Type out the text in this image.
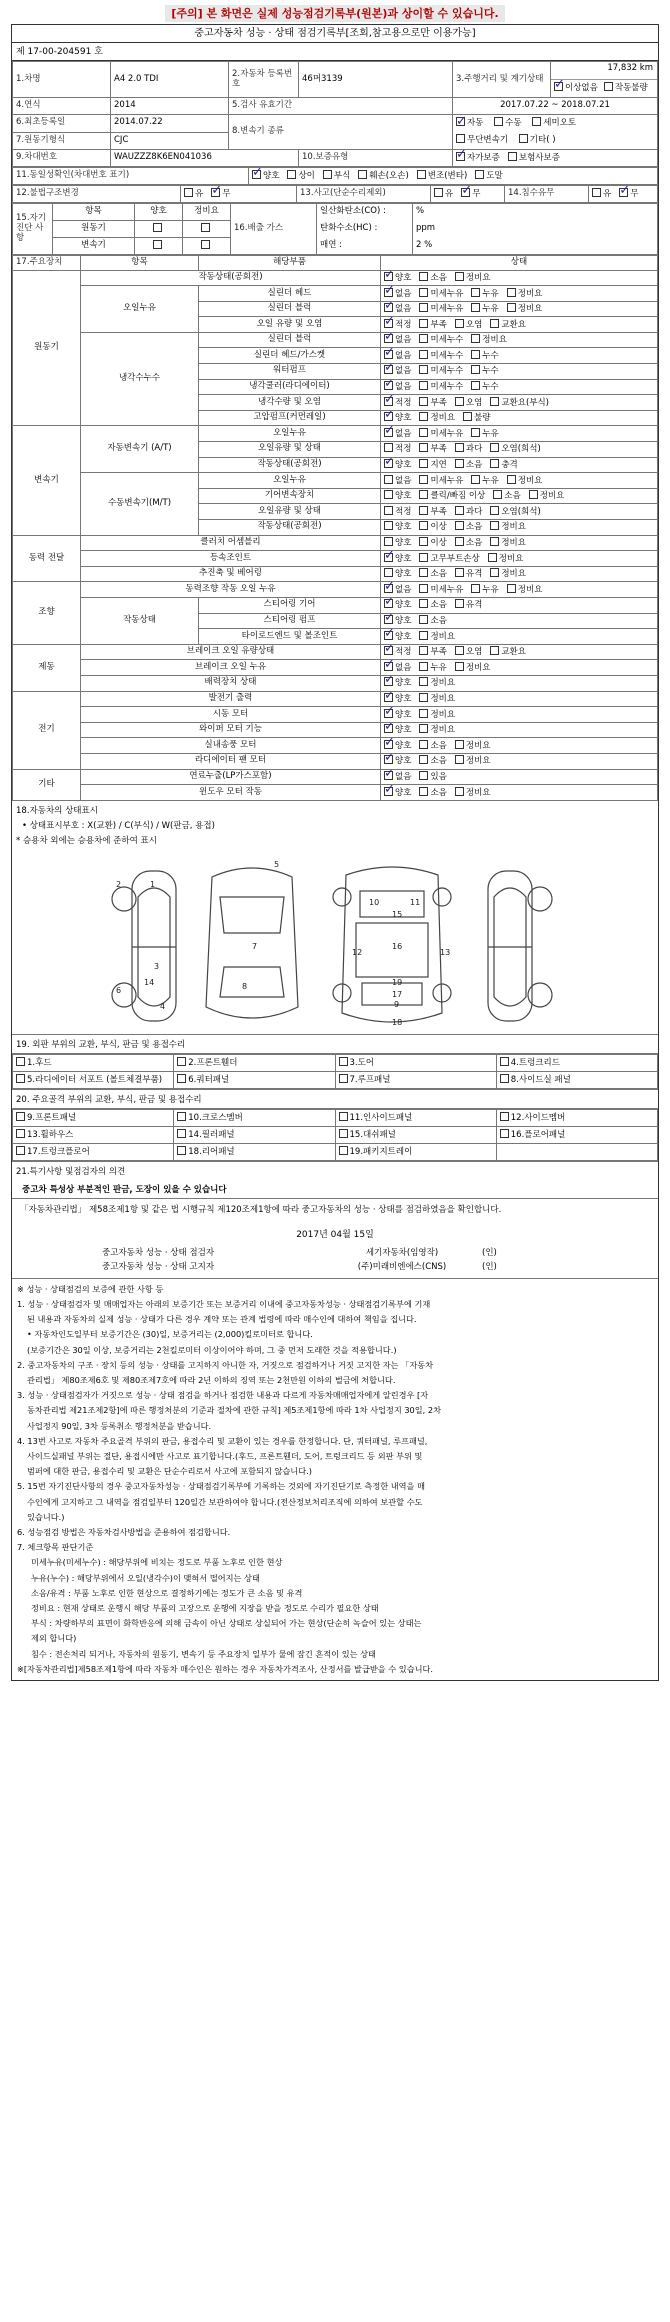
[주의] 본 화면은 실제 성능점검기록부(원본)과 상이할 수 있습니다.
중고자동차 성능 · 상태 점검기록부[조회,참고용으로만 이용가능]
제 17-00-204591 호
1.차명	A4 2.0 TDI	2.자동차 등록번호	46머3139	3.주행거리 및 계기상태	17,832 km
✓이상없음 작동불량

4.연식	2014	5.검사 유효기간		2017.07.22 ~ 2018.07.21	
6.최초등록일	2014.07.22	8.변속기 종류	✓자동 수동 세미오토
무단변속기 기타( )
7.원동기형식	CJC				
9.차대번호	WAUZZZ8K6EN041036		10.보증유형	✓자가보증 보험사보증
11.동일성확인(차대번호 표기)	✓양호 상이 부식 훼손(오손) 변조(변타) 도말
12.불법구조변경	유 ✓ 무	13.사고(단순수리제외)	유 ✓ 무	14.침수유무	유 ✓ 무
15.자기 진단 사항	항목	양호	정비요	16.배출 가스	일산화탄소(CO) :	%
	원동기				탄화수소(HC) :	ppm
	변속기				매연 :	2 %
17.주요장치	항목	해당부품	상태
원동기	작동상태(공회전)	✓양호 소음 정비요
	오일누유	실린더 헤드	✓없음 미세누유 누유 정비요
		실린더 블럭	✓없음 미세누유 누유 정비요
		오일 유량 및 오염	✓적정 부족 오염 교환요
	냉각수누수	실린더 블럭	✓없음 미세누수 정비요
		실린더 헤드/가스켓	✓없음 미세누수 누수
		워터펌프	✓없음 미세누수 누수
		냉각쿨러(라디에이터)	✓없음 미세누수 누수
		냉각수량 및 오염	✓적정 부족 오염 교환요(부식)
		고압펌프(커먼레일)	✓양호 정비요 불량
변속기	자동변속기 (A/T)	오일누유	✓없음 미세누유 누유
		오일유량 및 상태	적정 부족 과다 오염(희석)
		작동상태(공회전)	✓양호 지연 소음 충격
	수동변속기(M/T)	오일누유	없음 미세누유 누유 정비요
		기어변속장치	양호 클릭/빠짐 이상 소음 정비요
		오일유량 및 상태	적정 부족 과다 오염(희석)
		작동상태(공회전)	양호 이상 소음 정비요
동력 전달	클러치 어셈블리		양호 이상 소음 정비요
	등속조인트	✓양호 고무부트손상 정비요
	추진축 및 베어링		양호 소음 유격 정비요
조향	동력조향 작동 오일 누유	✓없음 미세누유 누유 정비요
	작동상태	스티어링 기어	✓양호 소음 유격
		스티어링 펌프	✓양호 소음
		타이로드엔드 및 볼조인트	✓양호 정비요
제동	브레이크 오일 유량상태	✓적정 부족 오염 교환요
	브레이크 오일 누유	✓없음 누유 정비요
	배력장치 상태	✓양호 정비요
전기	발전기 출력	✓양호 정비요
	시동 모터	✓양호 정비요
	와이퍼 모터 기능	✓양호 정비요
	실내송풍 모터	✓양호 소음 정비요
	라디에이터 팬 모터	✓양호 소음 정비요
기타	연료누출(LP가스포함)	✓없음 있음
	윈도우 모터 작동	✓양호 소음 정비요
18.자동차의 상태표시
• 상태표시부호 : X(교환) / C(부식) / W(판금, 용접)
* 승용차 외에는 승용차에 준하여 표시
1
2
3
4
5
6
7
8
9
10	11
12	13
14
15
16
17
18
19
19. 외판 부위의 교환, 부식, 판금 및 용접수리
1.후드	2.프론트휀더	3.도어	4.트렁크리드
5.라디에이터 서포트 (볼트체결부품)	6.쿼터패널	7.루프패널	8.사이드실 패널
20. 주요골격 부위의 교환, 부식, 판금 및 용접수리
9.프론트패널	10.크로스멤버	11.인사이드패널	12.사이드멤버
13.휠하우스	14.필러패널	15.대쉬패널	16.플로어패널
17.트렁크플로어	18.리어패널	19.패키지트레이	
21.특기사항 및점검자의 의견
중고차 특성상 부분적인 판금, 도장이 있을 수 있습니다
「자동차관리법」 제58조제1항 및 같은 법 시행규칙 제120조제1항에 따라 중고자동차의 성능 · 상태를 점검하였음을 확인합니다.
2017년 04월 15일
중고자동차 성능 · 상태 점검자	세기자동차(임영작)	(인)
중고자동차 성능 · 상태 고지자	(주)미래비엔에스(CNS)	(인)

※ 성능 · 상태점검의 보증에 관한 사항 등

1. 성능 · 상태점검자 및 매매업자는 아래의 보증기간 또는 보증거리 이내에 중고자동차성능 · 상태점검기록부에 기재

된 내용과 자동차의 실제 성능 · 상태가 다른 경우 계약 또는 관계 법령에 따라 매수인에 대하여 책임을 집니다.

• 자동차인도일부터 보증기간은 (30)일, 보증거리는 (2,000)킬로미터로 합니다.

(보증기간은 30일 이상, 보증거리는 2천킬로미터 이상이어야 하며, 그 중 먼저 도래한 것을 적용합니다.)

2. 중고자동차의 구조 · 장치 등의 성능 · 상태를 고지하지 아니한 자, 거짓으로 점검하거나 거짓 고지한 자는 「자동차

관리법」 제80조제6호 및 제80조제7호에 따라 2년 이하의 징역 또는 2천만원 이하의 벌금에 처합니다.

3. 성능 · 상태점검자가 거짓으로 성능 · 상태 점검을 하거나 점검한 내용과 다르게 자동차매매업자에게 알린경우 [자

동차관리법 제21조제2항]에 따른 행정처분의 기준과 절차에 관한 규칙] 제5조제1항에 따라 1차 사업정지 30일, 2차

사업정지 90일, 3차 등록취소 행정처분을 받습니다.

4. 13번 사고로 자동차 주요골격 부위의 판금, 용접수리 및 교환이 있는 경우를 한정합니다. 단, 쿼터패널, 루프패널,

사이드실패널 부위는 절단, 용접시에만 사고로 표기합니다.(후드, 프론트휀더, 도어, 트렁크리드 등 외판 부위 및

범퍼에 대한 판금, 용접수리 및 교환은 단순수리로서 사고에 포함되지 않습니다.)

5. 15번 자기진단사항의 경우 중고자동차성능 · 상태점검기록부에 기록하는 것외에 자기진단기로 측정한 내역을 매

수인에게 고지하고 그 내역을 점검일부터 120일간 보관하여야 합니다.(전산정보처리조직에 의하여 보관할 수도

있습니다.)

6. 성능점검 방법은 자동차검사방법을 준용하여 점검합니다.

7. 체크항목 판단기준

미세누유(미세누수) : 해당부위에 비치는 정도로 부품 노후로 인한 현상

누유(누수) : 해당부위에서 오일(냉각수)이 맺혀서 떨어지는 상태

소음/유격 : 부품 노후로 인한 현상으로 결정하기에는 정도가 큰 소음 및 유격

정비요 : 현재 상태로 운행시 해당 부품의 고장으로 운행에 지장을 받을 정도로 수리가 필요한 상태

부식 : 차량하부의 표면이 화학반응에 의해 금속이 아닌 상태로 상실되어 가는 현상(단순히 녹슬어 있는 상태는

제외 합니다)

침수 : 전손처리 되거나, 자동차의 원동기, 변속기 등 주요장치 일부가 물에 잠긴 흔적이 있는 상태

※[자동차관리법]제58조제1항에 따라 자동차 매수인은 원하는 경우 자동차가격조사, 산정서를 발급받을 수 있습니다.
